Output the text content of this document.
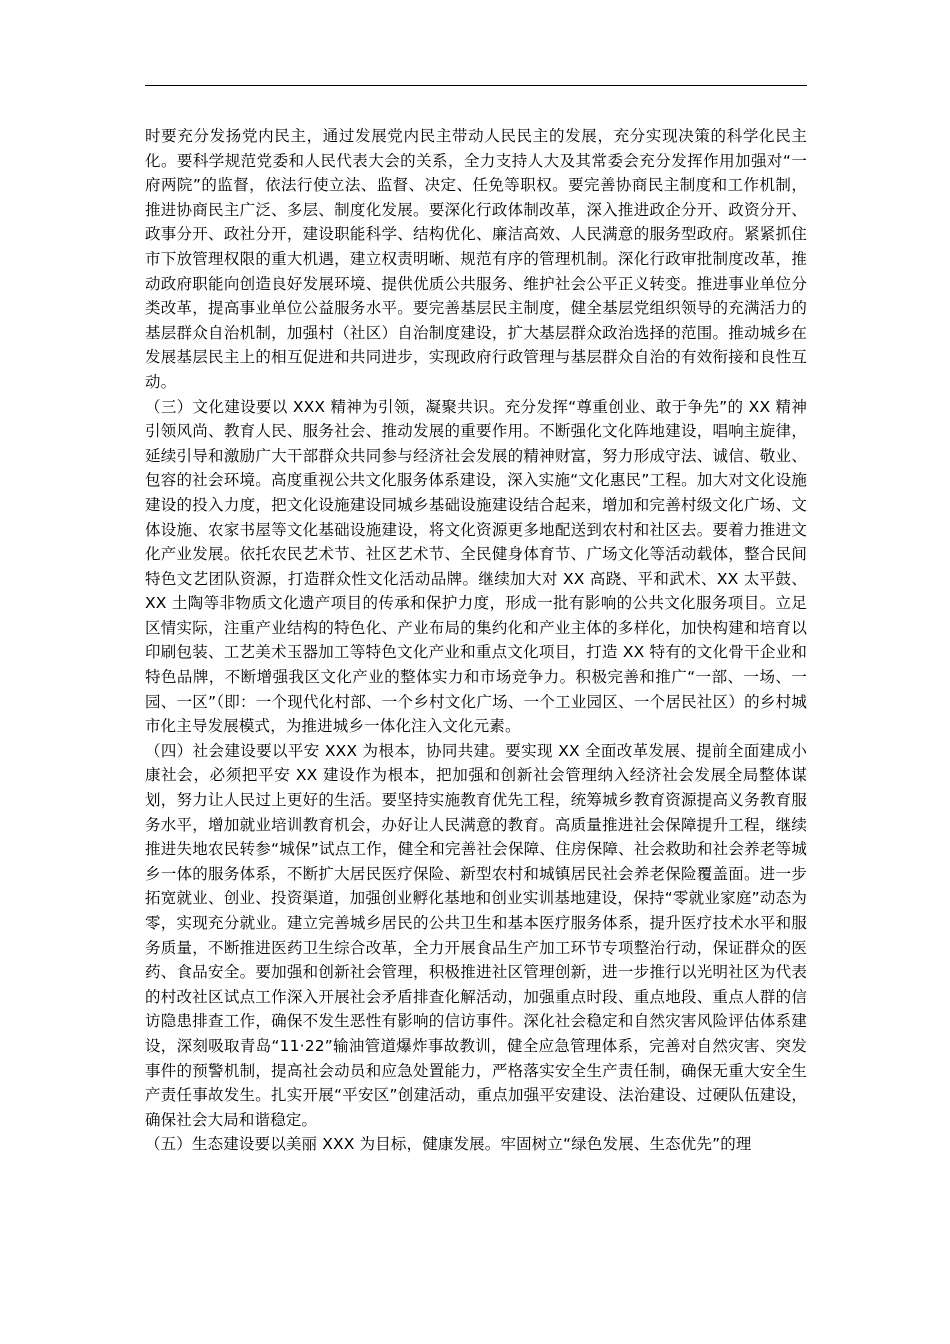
时要充分发扬党内民主，通过发展党内民主带动人民民主的发展，充分实现决策的科学化民主化。要科学规范党委和人民代表大会的关系，全力支持人大及其常委会充分发挥作用加强对“一府两院”的监督，依法行使立法、监督、决定、任免等职权。要完善协商民主制度和工作机制，推进协商民主广泛、多层、制度化发展。要深化行政体制改革，深入推进政企分开、政资分开、政事分开、政社分开，建设职能科学、结构优化、廉洁高效、人民满意的服务型政府。紧紧抓住市下放管理权限的重大机遇，建立权责明晰、规范有序的管理机制。深化行政审批制度改革，推动政府职能向创造良好发展环境、提供优质公共服务、维护社会公平正义转变。推进事业单位分类改革，提高事业单位公益服务水平。要完善基层民主制度，健全基层党组织领导的充满活力的基层群众自治机制，加强村（社区）自治制度建设，扩大基层群众政治选择的范围。推动城乡在发展基层民主上的相互促进和共同进步，实现政府行政管理与基层群众自治的有效衔接和良性互动。

（三）文化建设要以 XXX 精神为引领，凝聚共识。充分发挥“尊重创业、敢于争先”的 XX 精神引领风尚、教育人民、服务社会、推动发展的重要作用。不断强化文化阵地建设，唱响主旋律，延续引导和激励广大干部群众共同参与经济社会发展的精神财富，努力形成守法、诚信、敬业、包容的社会环境。高度重视公共文化服务体系建设，深入实施“文化惠民”工程。加大对文化设施建设的投入力度，把文化设施建设同城乡基础设施建设结合起来，增加和完善村级文化广场、文体设施、农家书屋等文化基础设施建设，将文化资源更多地配送到农村和社区去。要着力推进文化产业发展。依托农民艺术节、社区艺术节、全民健身体育节、广场文化等活动载体，整合民间特色文艺团队资源，打造群众性文化活动品牌。继续加大对 XX 高跷、平和武术、XX 太平鼓、XX 土陶等非物质文化遗产项目的传承和保护力度，形成一批有影响的公共文化服务项目。立足区情实际，注重产业结构的特色化、产业布局的集约化和产业主体的多样化，加快构建和培育以印刷包装、工艺美术玉器加工等特色文化产业和重点文化项目，打造 XX 特有的文化骨干企业和特色品牌，不断增强我区文化产业的整体实力和市场竞争力。积极完善和推广“一部、一场、一园、一区”（即：一个现代化村部、一个乡村文化广场、一个工业园区、一个居民社区）的乡村城市化主导发展模式，为推进城乡一体化注入文化元素。

（四）社会建设要以平安 XXX 为根本，协同共建。要实现 XX 全面改革发展、提前全面建成小康社会，必须把平安 XX 建设作为根本，把加强和创新社会管理纳入经济社会发展全局整体谋划，努力让人民过上更好的生活。要坚持实施教育优先工程，统筹城乡教育资源提高义务教育服务水平，增加就业培训教育机会，办好让人民满意的教育。高质量推进社会保障提升工程，继续推进失地农民转参“城保”试点工作，健全和完善社会保障、住房保障、社会救助和社会养老等城乡一体的服务体系，不断扩大居民医疗保险、新型农村和城镇居民社会养老保险覆盖面。进一步拓宽就业、创业、投资渠道，加强创业孵化基地和创业实训基地建设，保持“零就业家庭”动态为零，实现充分就业。建立完善城乡居民的公共卫生和基本医疗服务体系，提升医疗技术水平和服务质量，不断推进医药卫生综合改革，全力开展食品生产加工环节专项整治行动，保证群众的医药、食品安全。要加强和创新社会管理，积极推进社区管理创新，进一步推行以光明社区为代表的村改社区试点工作深入开展社会矛盾排查化解活动，加强重点时段、重点地段、重点人群的信访隐患排查工作，确保不发生恶性有影响的信访事件。深化社会稳定和自然灾害风险评估体系建设，深刻吸取青岛“11·22”输油管道爆炸事故教训，健全应急管理体系，完善对自然灾害、突发事件的预警机制，提高社会动员和应急处置能力，严格落实安全生产责任制，确保无重大安全生产责任事故发生。扎实开展“平安区”创建活动，重点加强平安建设、法治建设、过硬队伍建设，确保社会大局和谐稳定。

（五）生态建设要以美丽 XXX 为目标，健康发展。牢固树立“绿色发展、生态优先”的理
